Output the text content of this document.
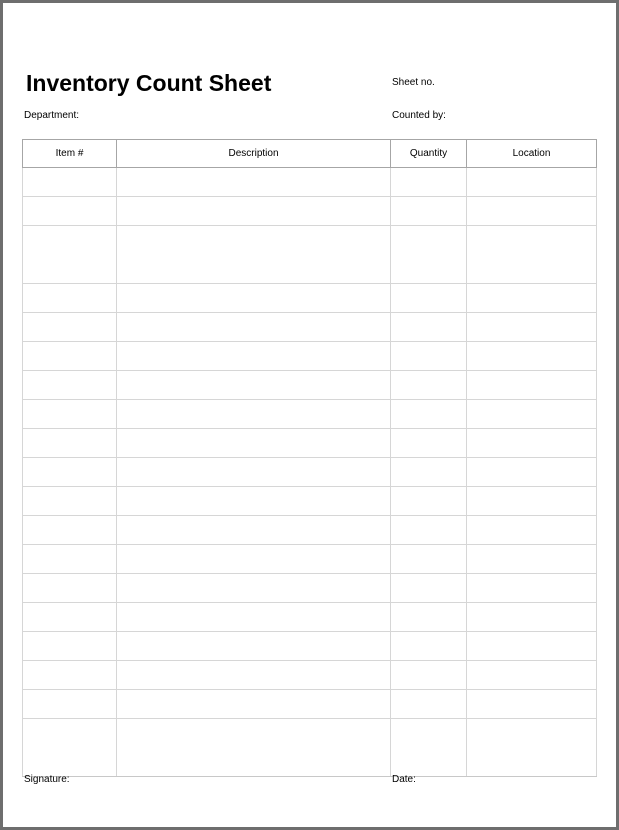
Inventory Count Sheet	Sheet no.
Department:	Counted by:
Item #	Description	Quantity	Location

Signature:	Date:
